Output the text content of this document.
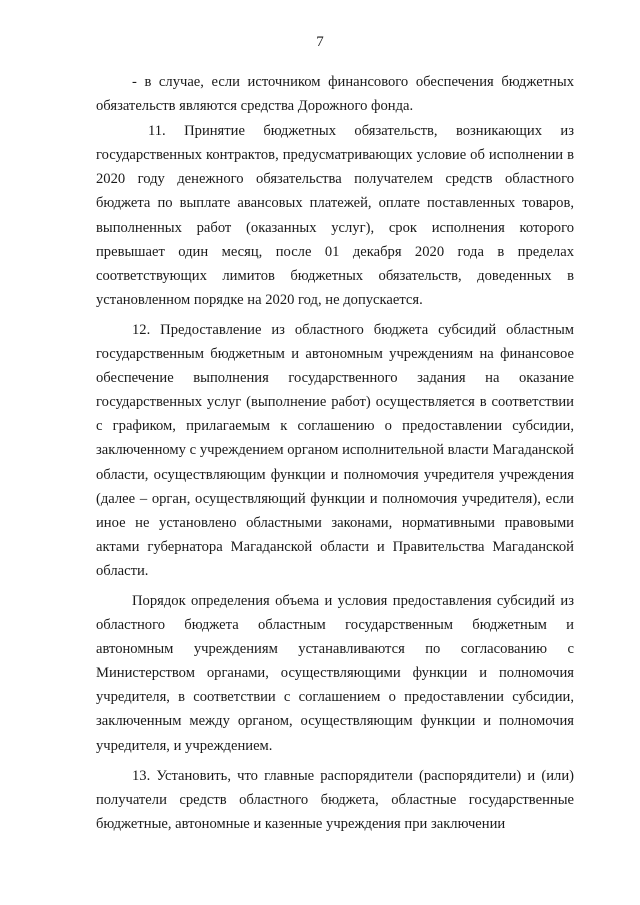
7

- в случае, если источником финансового обеспечения бюджетных обязательств являются средства Дорожного фонда.

11. Принятие бюджетных обязательств, возникающих из государственных контрактов, предусматривающих условие об исполнении в 2020 году денежного обязательства получателем средств областного бюджета по выплате авансовых платежей, оплате поставленных товаров, выполненных работ (оказанных услуг), срок исполнения которого превышает один месяц, после 01 декабря 2020 года в пределах соответствующих лимитов бюджетных обязательств, доведенных в установленном порядке на 2020 год, не допускается.

12. Предоставление из областного бюджета субсидий областным государственным бюджетным и автономным учреждениям на финансовое обеспечение выполнения государственного задания на оказание государственных услуг (выполнение работ) осуществляется в соответствии с графиком, прилагаемым к соглашению о предоставлении субсидии, заключенному с учреждением органом исполнительной власти Магаданской области, осуществляющим функции и полномочия учредителя учреждения (далее – орган, осуществляющий функции и полномочия учредителя), если иное не установлено областными законами, нормативными правовыми актами губернатора Магаданской области и Правительства Магаданской области.

Порядок определения объема и условия предоставления субсидий из областного бюджета областным государственным бюджетным и автономным учреждениям устанавливаются по согласованию с Министерством органами, осуществляющими функции и полномочия учредителя, в соответствии с соглашением о предоставлении субсидии, заключенным между органом, осуществляющим функции и полномочия учредителя, и учреждением.

13. Установить, что главные распорядители (распорядители) и (или) получатели средств областного бюджета, областные государственные бюджетные, автономные и казенные учреждения при заключении
